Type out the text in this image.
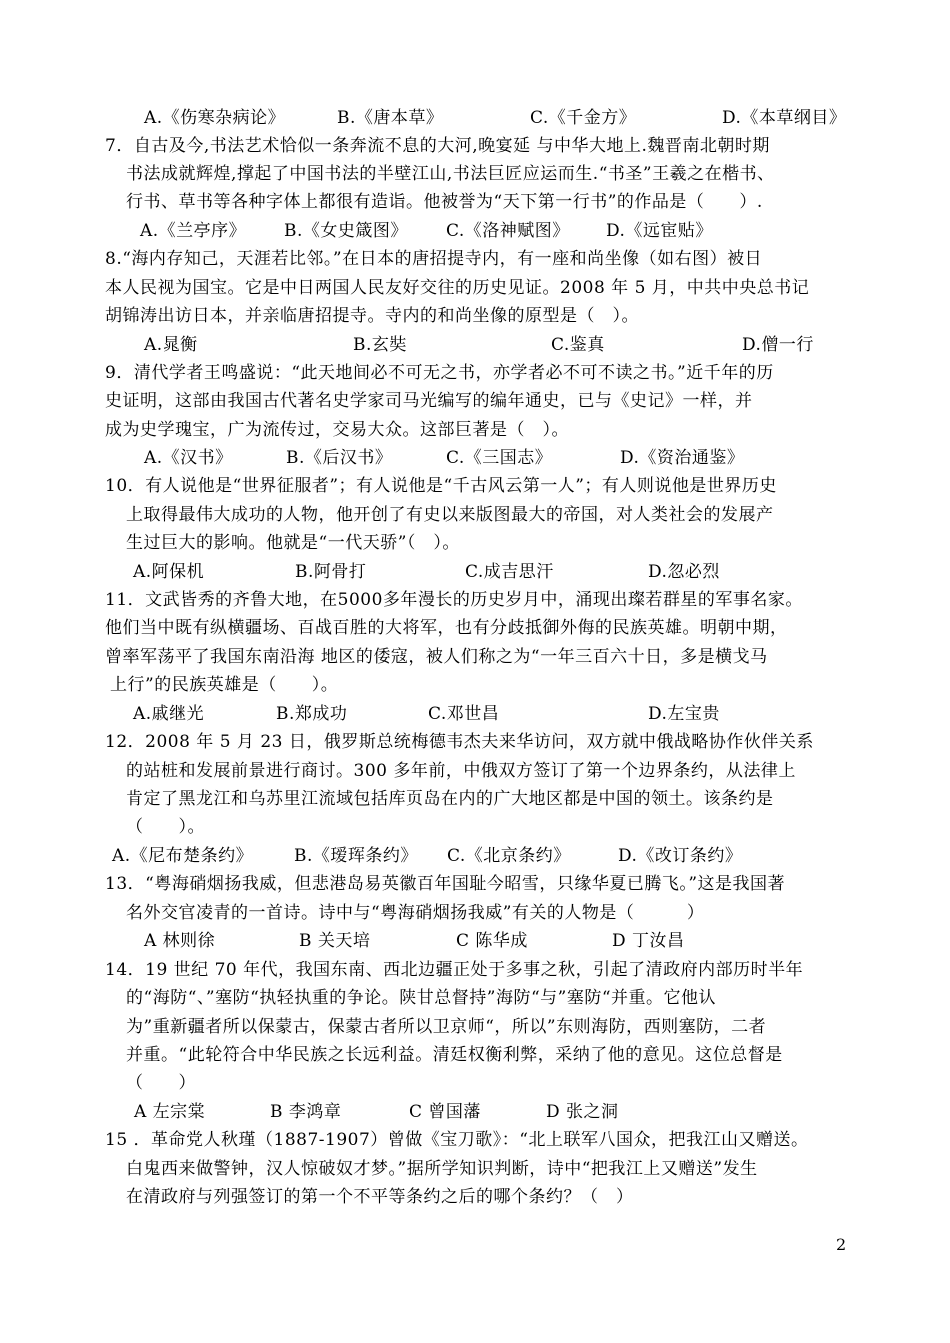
A.《伤寒杂病论》	B.《唐本草》	C.《千金方》	D.《本草纲目》
7．自古及今,书法艺术恰似一条奔流不息的大河,晚宴延 与中华大地上.魏晋南北朝时期
书法成就辉煌,撑起了中国书法的半壁江山,书法巨匠应运而生.“书圣”王羲之在楷书、
行书、草书等各种字体上都很有造诣。他被誉为“天下第一行书”的作品是（　　）.
A.《兰亭序》 B.《女史箴图》 C.《洛神赋图》 D.《远宦贴》
8.“海内存知己，天涯若比邻。”在日本的唐招提寺内，有一座和尚坐像（如右图）被日
本人民视为国宝。它是中日两国人民友好交往的历史见证。2008 年 5 月，中共中央总书记
胡锦涛出访日本，并亲临唐招提寺。寺内的和尚坐像的原型是（　）。
A.晁衡	B.玄奘	C.鉴真	D.僧一行
9．清代学者王鸣盛说：“此天地间必不可无之书，亦学者必不可不读之书。”近千年的历
史证明，这部由我国古代著名史学家司马光编写的编年通史，已与《史记》一样，并
成为史学瑰宝，广为流传过，交易大众。这部巨著是（　）。
A.《汉书》	B.《后汉书》	C.《三国志》	D.《资治通鉴》
10．有人说他是“世界征服者”；有人说他是“千古风云第一人”；有人则说他是世界历史
上取得最伟大成功的人物，他开创了有史以来版图最大的帝国，对人类社会的发展产
生过巨大的影响。他就是“一代天骄”（　）。
A.阿保机	B.阿骨打	C.成吉思汗	D.忽必烈
11．文武皆秀的齐鲁大地，在5000多年漫长的历史岁月中，涌现出璨若群星的军事名家。
他们当中既有纵横疆场、百战百胜的大将军，也有分歧抵御外侮的民族英雄。明朝中期，
曾率军荡平了我国东南沿海 地区的倭寇，被人们称之为“一年三百六十日，多是横戈马
上行”的民族英雄是（　　）。
A.戚继光	B.郑成功	C.邓世昌	D.左宝贵
12．2008 年 5 月 23 日，俄罗斯总统梅德韦杰夫来华访问，双方就中俄战略协作伙伴关系
的站桩和发展前景进行商讨。300 多年前，中俄双方签订了第一个边界条约，从法律上
肯定了黑龙江和乌苏里江流域包括库页岛在内的广大地区都是中国的领土。该条约是
（　　）。
A.《尼布楚条约》 B.《瑷珲条约》 C.《北京条约》	D.《改订条约》
13．“粤海硝烟扬我威，但悲港岛易英徽百年国耻今昭雪，只缘华夏已腾飞。”这是我国著
名外交官凌青的一首诗。诗中与“粤海硝烟扬我威”有关的人物是（　　　）
A 林则徐	B 关天培	C 陈华成	D 丁汝昌
14．19 世纪 70 年代，我国东南、西北边疆正处于多事之秋，引起了清政府内部历时半年
的“海防“、”塞防“执轻执重的争论。陕甘总督持”海防“与”塞防“并重。它他认
为”重新疆者所以保蒙古，保蒙古者所以卫京师“，所以”东则海防，西则塞防，二者
并重。“此轮符合中华民族之长远利益。清廷权衡利弊，采纳了他的意见。这位总督是
（　　）
A 左宗棠	B 李鸿章	C 曾国藩	D 张之洞
15 ．革命党人秋瑾（1887-1907）曾做《宝刀歌》：“北上联军八国众，把我江山又赠送。
白鬼西来做警钟，汉人惊破奴才梦。”据所学知识判断，诗中“把我江上又赠送”发生
在清政府与列强签订的第一个不平等条约之后的哪个条约？（　）
2
